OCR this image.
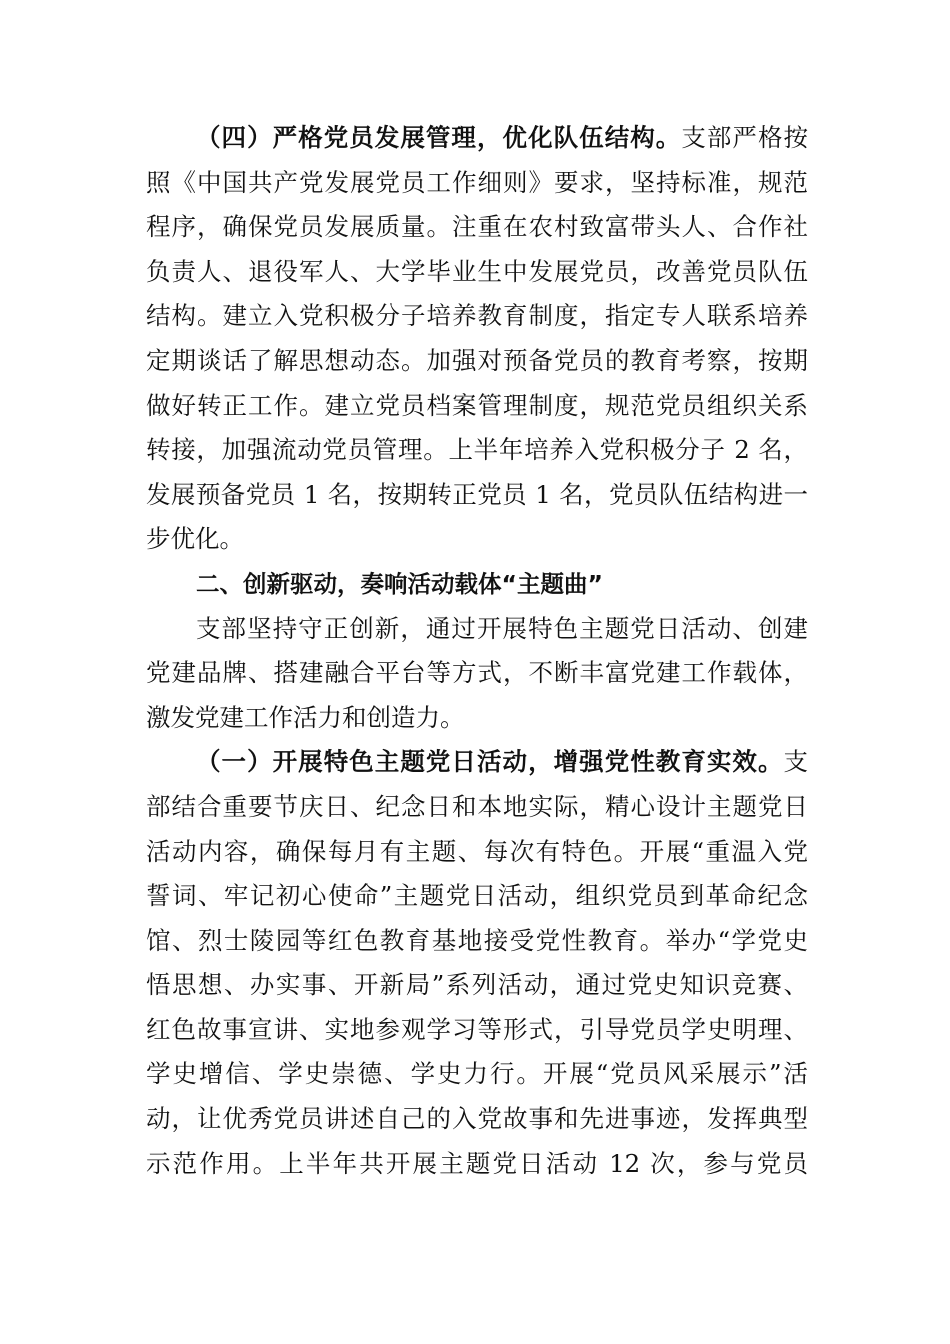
（四）严格党员发展管理，优化队伍结构。支部严格按
照《中国共产党发展党员工作细则》要求，坚持标准，规范
程序，确保党员发展质量。注重在农村致富带头人、合作社
负责人、退役军人、大学毕业生中发展党员，改善党员队伍
结构。建立入党积极分子培养教育制度，指定专人联系培养
定期谈话了解思想动态。加强对预备党员的教育考察，按期
做好转正工作。建立党员档案管理制度，规范党员组织关系
转接，加强流动党员管理。上半年培养入党积极分子 2 名，
发展预备党员 1 名，按期转正党员 1 名，党员队伍结构进一
步优化。
二、创新驱动，奏响活动载体“主题曲”
支部坚持守正创新，通过开展特色主题党日活动、创建
党建品牌、搭建融合平台等方式，不断丰富党建工作载体，
激发党建工作活力和创造力。
（一）开展特色主题党日活动，增强党性教育实效。支
部结合重要节庆日、纪念日和本地实际，精心设计主题党日
活动内容，确保每月有主题、每次有特色。开展“重温入党
誓词、牢记初心使命”主题党日活动，组织党员到革命纪念
馆、烈士陵园等红色教育基地接受党性教育。举办“学党史
悟思想、办实事、开新局”系列活动，通过党史知识竞赛、
红色故事宣讲、实地参观学习等形式，引导党员学史明理、
学史增信、学史崇德、学史力行。开展“党员风采展示”活
动，让优秀党员讲述自己的入党故事和先进事迹，发挥典型
示范作用。上半年共开展主题党日活动 12 次，参与党员
